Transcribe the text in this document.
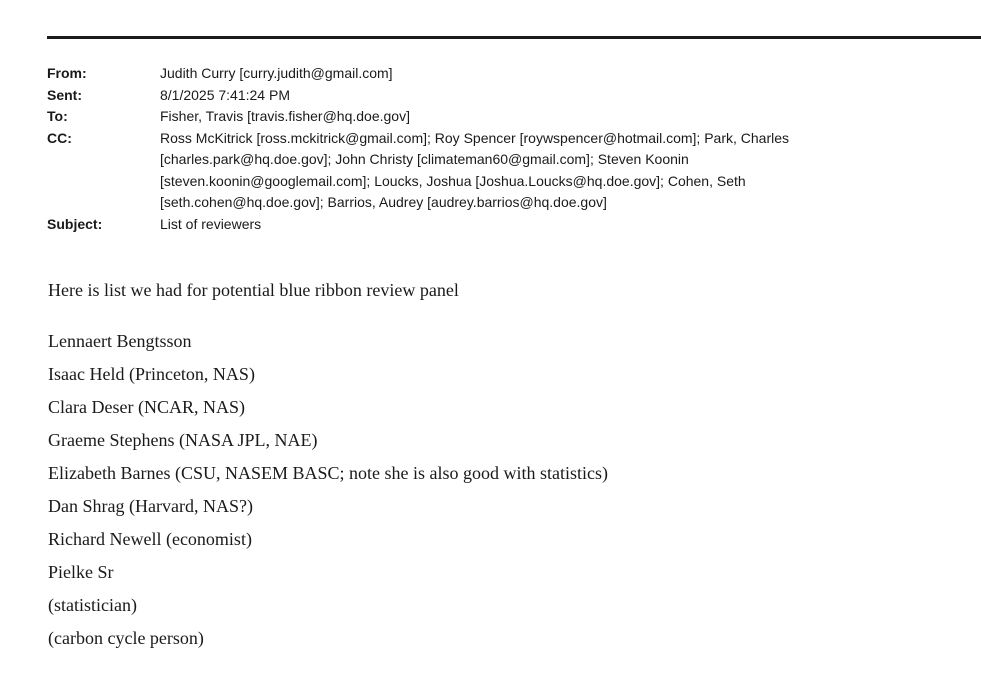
From:	Judith Curry [curry.judith@gmail.com]
Sent:	8/1/2025 7:41:24 PM
To:	Fisher, Travis [travis.fisher@hq.doe.gov]
CC:	Ross McKitrick [ross.mckitrick@gmail.com]; Roy Spencer [roywspencer@hotmail.com]; Park, Charles
[charles.park@hq.doe.gov]; John Christy [climateman60@gmail.com]; Steven Koonin
[steven.koonin@googlemail.com]; Loucks, Joshua [Joshua.Loucks@hq.doe.gov]; Cohen, Seth
[seth.cohen@hq.doe.gov]; Barrios, Audrey [audrey.barrios@hq.doe.gov]
Subject:	List of reviewers

Here is list we had for potential blue ribbon review panel

Lennaert Bengtsson
Isaac Held (Princeton, NAS)
Clara Deser (NCAR, NAS)
Graeme Stephens (NASA JPL, NAE)
Elizabeth Barnes (CSU, NASEM BASC; note she is also good with statistics)
Dan Shrag (Harvard, NAS?)
Richard Newell (economist)
Pielke Sr
(statistician)
(carbon cycle person)
